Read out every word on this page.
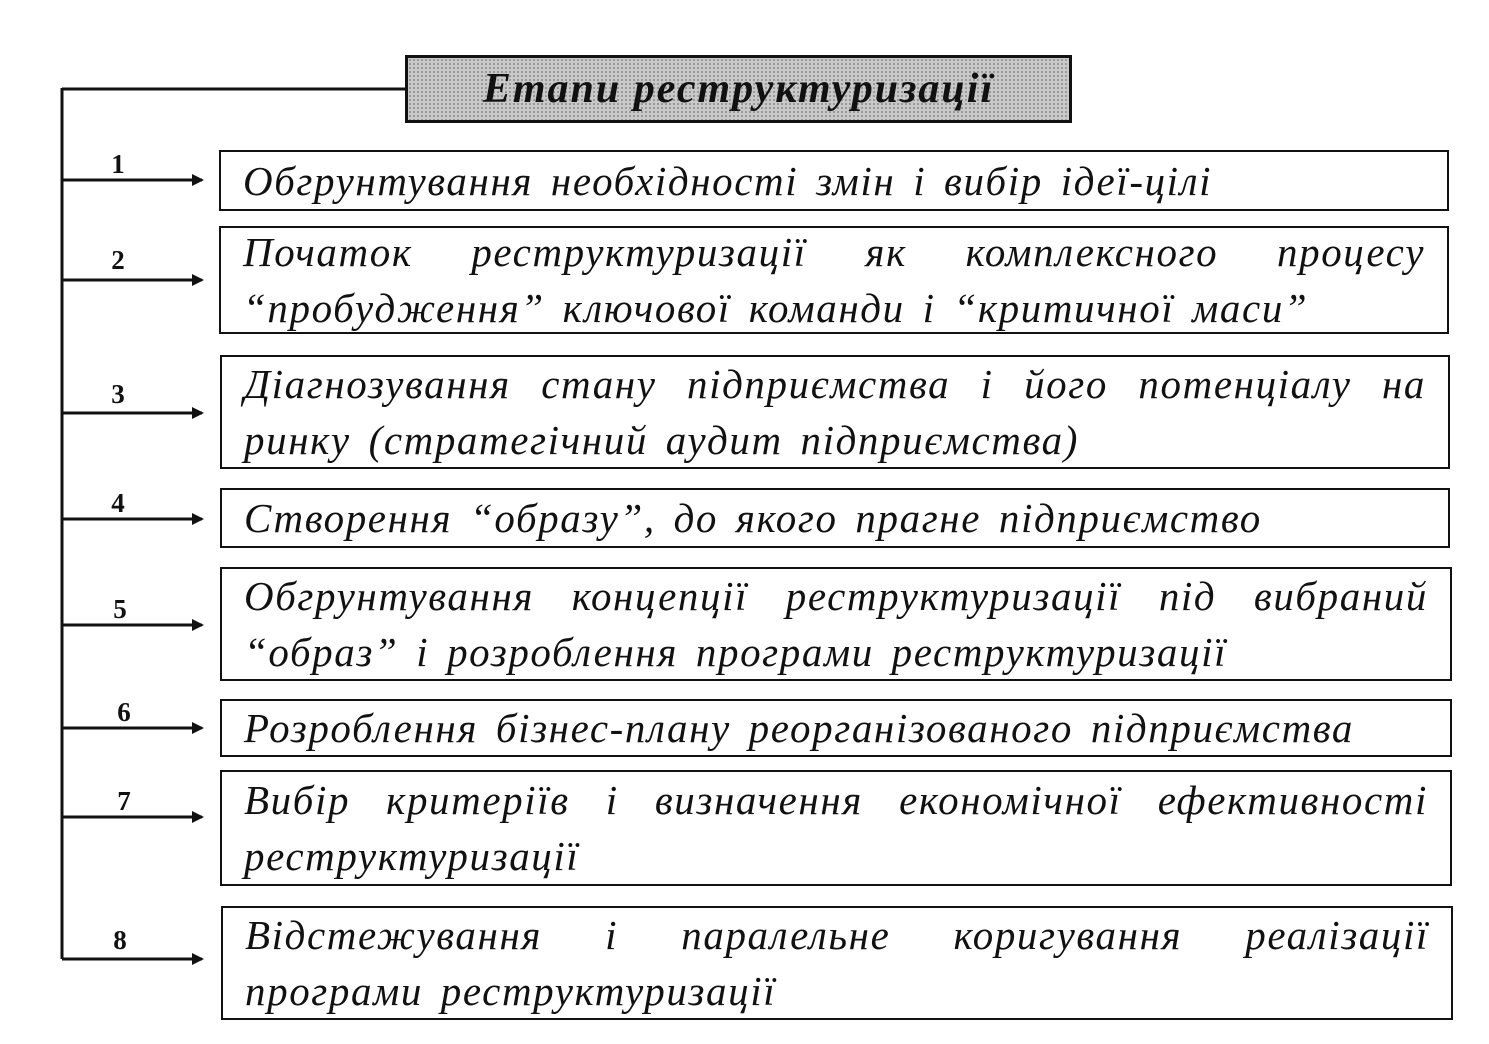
Етапи реструктуризації
1
2
3
4
5
6
7
8
Обгрунтування необхідності змін і вибір ідеї-цілі
Початок реструктуризації як комплексного процесу “пробудження” ключової команди і “критичної маси”
Діагнозування стану підприємства і його потенціалу на ринку (стратегічний аудит підприємства)
Створення “образу”, до якого прагне підприємство
Обгрунтування концепції реструктуризації під вибраний “образ” і розроблення програми реструктуризації
Розроблення бізнес-плану реорганізованого підприємства
Вибір критеріїв і визначення економічної ефективності реструктуризації
Відстежування і паралельне коригування реалізації програми реструктуризації
